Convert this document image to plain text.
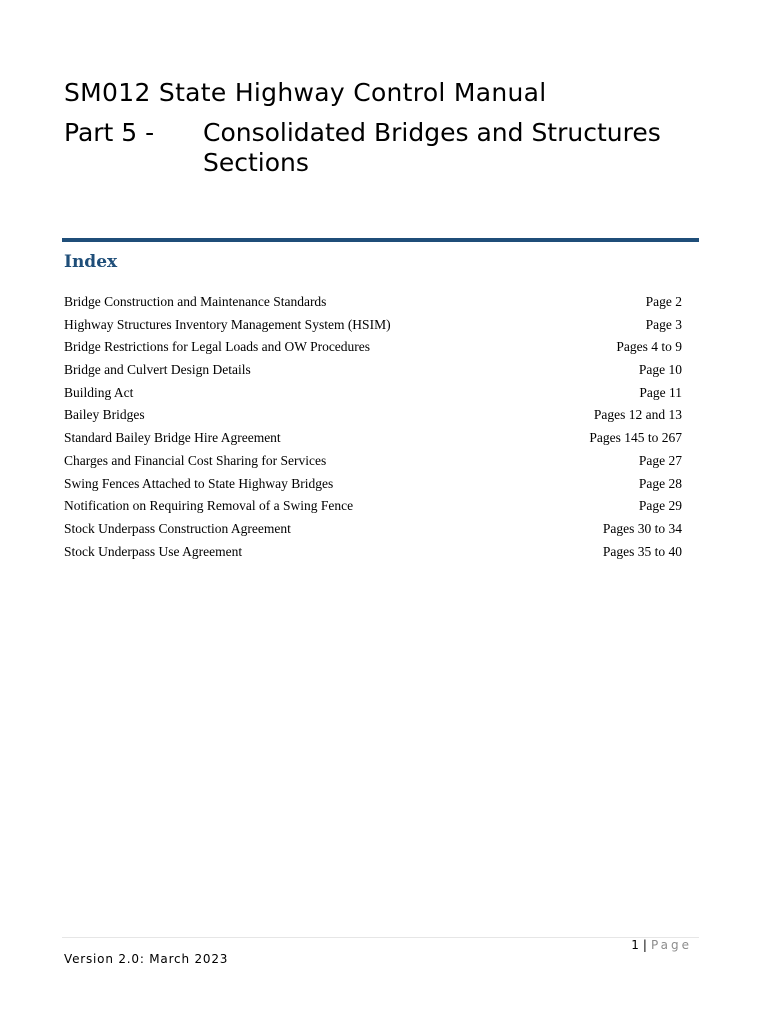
SM012 State Highway Control Manual
Part 5 - Consolidated Bridges and Structures Sections
Index
Bridge Construction and Maintenance Standards	Page 2
Highway Structures Inventory Management System (HSIM)	Page 3
Bridge Restrictions for Legal Loads and OW Procedures	Pages 4 to 9
Bridge and Culvert Design Details	Page 10
Building Act	Page 11
Bailey Bridges	Pages 12 and 13
Standard Bailey Bridge Hire Agreement	Pages 145 to 267
Charges and Financial Cost Sharing for Services	Page 27
Swing Fences Attached to State Highway Bridges	Page 28
Notification on Requiring Removal of a Swing Fence	Page 29
Stock Underpass Construction Agreement	Pages 30 to 34
Stock Underpass Use Agreement	Pages 35 to 40
1 | Page
Version 2.0: March 2023
